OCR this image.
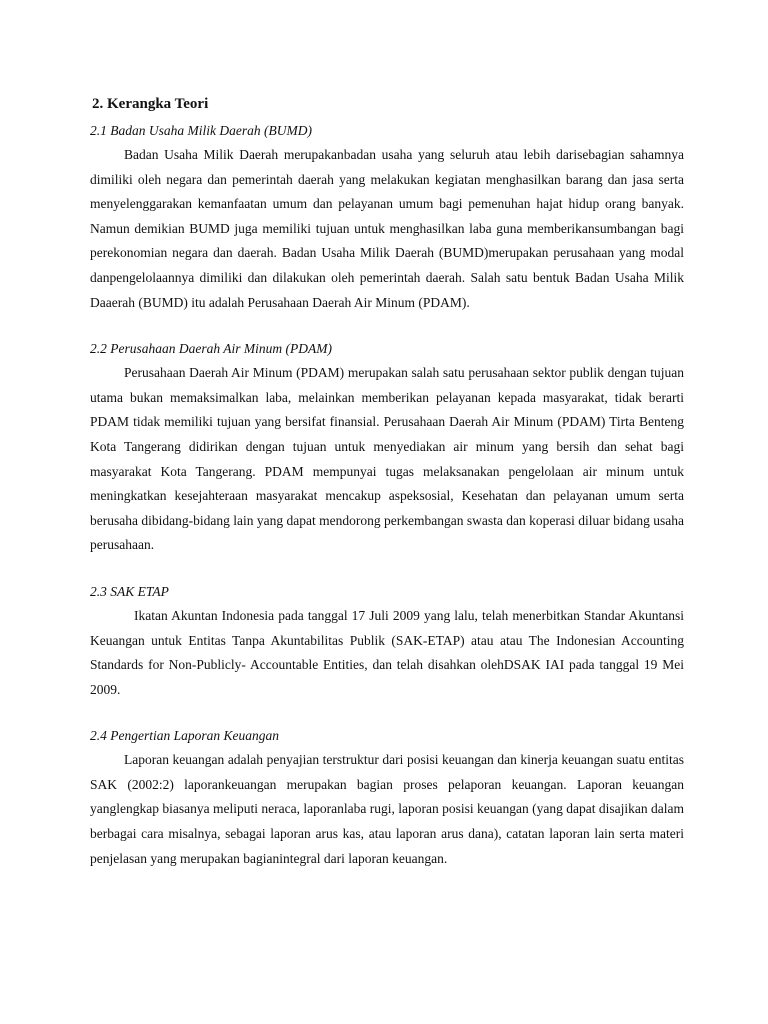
2. Kerangka Teori
2.1 Badan Usaha Milik Daerah (BUMD)

Badan Usaha Milik Daerah merupakanbadan usaha yang seluruh atau lebih darisebagian sahamnya dimiliki oleh negara dan pemerintah daerah yang melakukan kegiatan menghasilkan barang dan jasa serta menyelenggarakan kemanfaatan umum dan pelayanan umum bagi pemenuhan hajat hidup orang banyak. Namun demikian BUMD juga memiliki tujuan untuk menghasilkan laba guna memberikansumbangan bagi perekonomian negara dan daerah. Badan Usaha Milik Daerah (BUMD)merupakan perusahaan yang modal danpengelolaannya dimiliki dan dilakukan oleh pemerintah daerah. Salah satu bentuk Badan Usaha Milik Daaerah (BUMD) itu adalah Perusahaan Daerah Air Minum (PDAM).

2.2 Perusahaan Daerah Air Minum (PDAM)

Perusahaan Daerah Air Minum (PDAM) merupakan salah satu perusahaan sektor publik dengan tujuan utama bukan memaksimalkan laba, melainkan memberikan pelayanan kepada masyarakat, tidak berarti PDAM tidak memiliki tujuan yang bersifat finansial. Perusahaan Daerah Air Minum (PDAM) Tirta Benteng Kota Tangerang didirikan dengan tujuan untuk menyediakan air minum yang bersih dan sehat bagi masyarakat Kota Tangerang. PDAM mempunyai tugas melaksanakan pengelolaan air minum untuk meningkatkan kesejahteraan masyarakat mencakup aspeksosial, Kesehatan dan pelayanan umum serta berusaha dibidang-bidang lain yang dapat mendorong perkembangan swasta dan koperasi diluar bidang usaha perusahaan.

2.3 SAK ETAP

Ikatan Akuntan Indonesia pada tanggal 17 Juli 2009 yang lalu, telah menerbitkan Standar Akuntansi Keuangan untuk Entitas Tanpa Akuntabilitas Publik (SAK-ETAP) atau atau The Indonesian Accounting Standards for Non-Publicly- Accountable Entities, dan telah disahkan olehDSAK IAI pada tanggal 19 Mei 2009.

2.4 Pengertian Laporan Keuangan

Laporan keuangan adalah penyajian terstruktur dari posisi keuangan dan kinerja keuangan suatu entitas SAK (2002:2) laporankeuangan merupakan bagian proses pelaporan keuangan. Laporan keuangan yanglengkap biasanya meliputi neraca, laporanlaba rugi, laporan posisi keuangan (yang dapat disajikan dalam berbagai cara misalnya, sebagai laporan arus kas, atau laporan arus dana), catatan laporan lain serta materi penjelasan yang merupakan bagianintegral dari laporan keuangan.
